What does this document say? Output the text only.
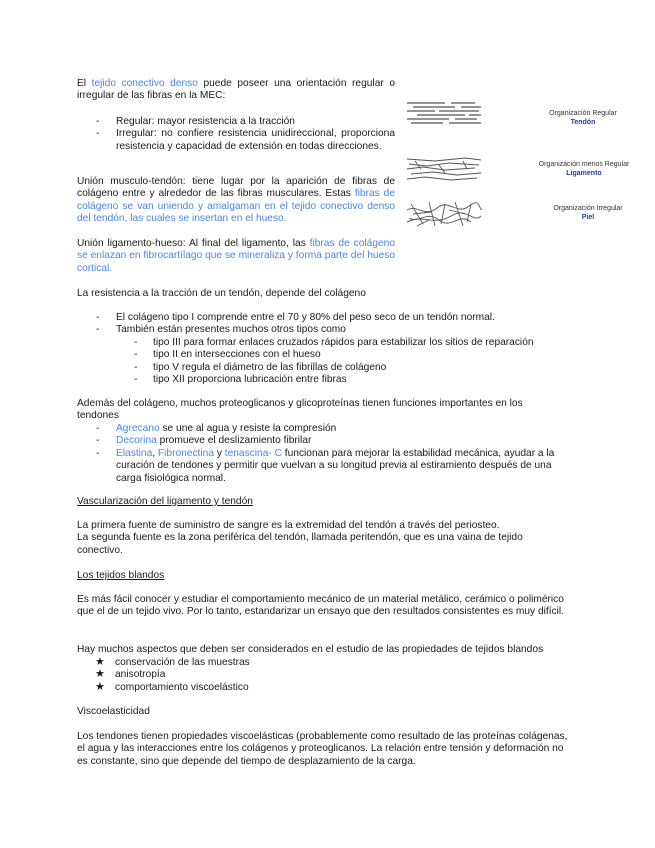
El tejido conectivo denso puede poseer una orientación regular o irregular de las fibras en la MEC:

- Regular: mayor resistencia a la tracción
- Irregular: no confiere resistencia unidireccional, proporciona resistencia y capacidad de extensión en todas direcciones.

Unión musculo-tendón: tiene lugar por la aparición de fibras de colágeno entre y alrededor de las fibras musculares. Estas fibras de colágeno se van uniendo y amalgaman en el tejido conectivo denso del tendón, las cuales se insertan en el hueso.

Unión ligamento-hueso: Al final del ligamento, las fibras de colágeno se enlazan en fibrocartílago que se mineraliza y forma parte del hueso cortical.

Organización Regular
Tendón
Organización menos Regular
Ligamento
Organización Irregular
Piel
La resistencia a la tracción de un tendón, depende del colágeno
- El colágeno tipo I comprende entre el 70 y 80% del peso seco de un tendón normal.
- También están presentes muchos otros tipos como
- tipo III para formar enlaces cruzados rápidos para estabilizar los sitios de reparación
- tipo II en intersecciones con el hueso
- tipo V regula el diámetro de las fibrillas de colágeno
- tipo XII proporciona lubricación entre fibras
Además del colágeno, muchos proteoglicanos y glicoproteínas tienen funciones importantes en los tendones
- Agrecano se une al agua y resiste la compresión
- Decorina promueve el deslizamiento fibrilar
- Elastina, Fibronectina y tenascina- C funcionan para mejorar la estabilidad mecánica, ayudar a la curación de tendones y permitir que vuelvan a su longitud previa al estiramiento después de una carga fisiológica normal.
Vascularización del ligamento y tendón

La primera fuente de suministro de sangre es la extremidad del tendón a través del periosteo.

La segunda fuente es la zona periférica del tendón, llamada peritendón, que es una vaina de tejido conectivo.

Los tejidos blandos
Es más fácil conocer y estudiar el comportamiento mecánico de un material metálico, cerámico o polimérico que el de un tejido vivo. Por lo tanto, estandarizar un ensayo que den resultados consistentes es muy difícil.
Hay muchos aspectos que deben ser considerados en el estudio de las propiedades de tejidos blandos
★ conservación de las muestras
★ anisotropía
★ comportamiento viscoelástico
Viscoelasticidad
Los tendones tienen propiedades viscoelásticas (probablemente como resultado de las proteínas colágenas, el agua y las interacciones entre los colágenos y proteoglicanos. La relación entre tensión y deformación no es constante, sino que depende del tiempo de desplazamiento de la carga.
